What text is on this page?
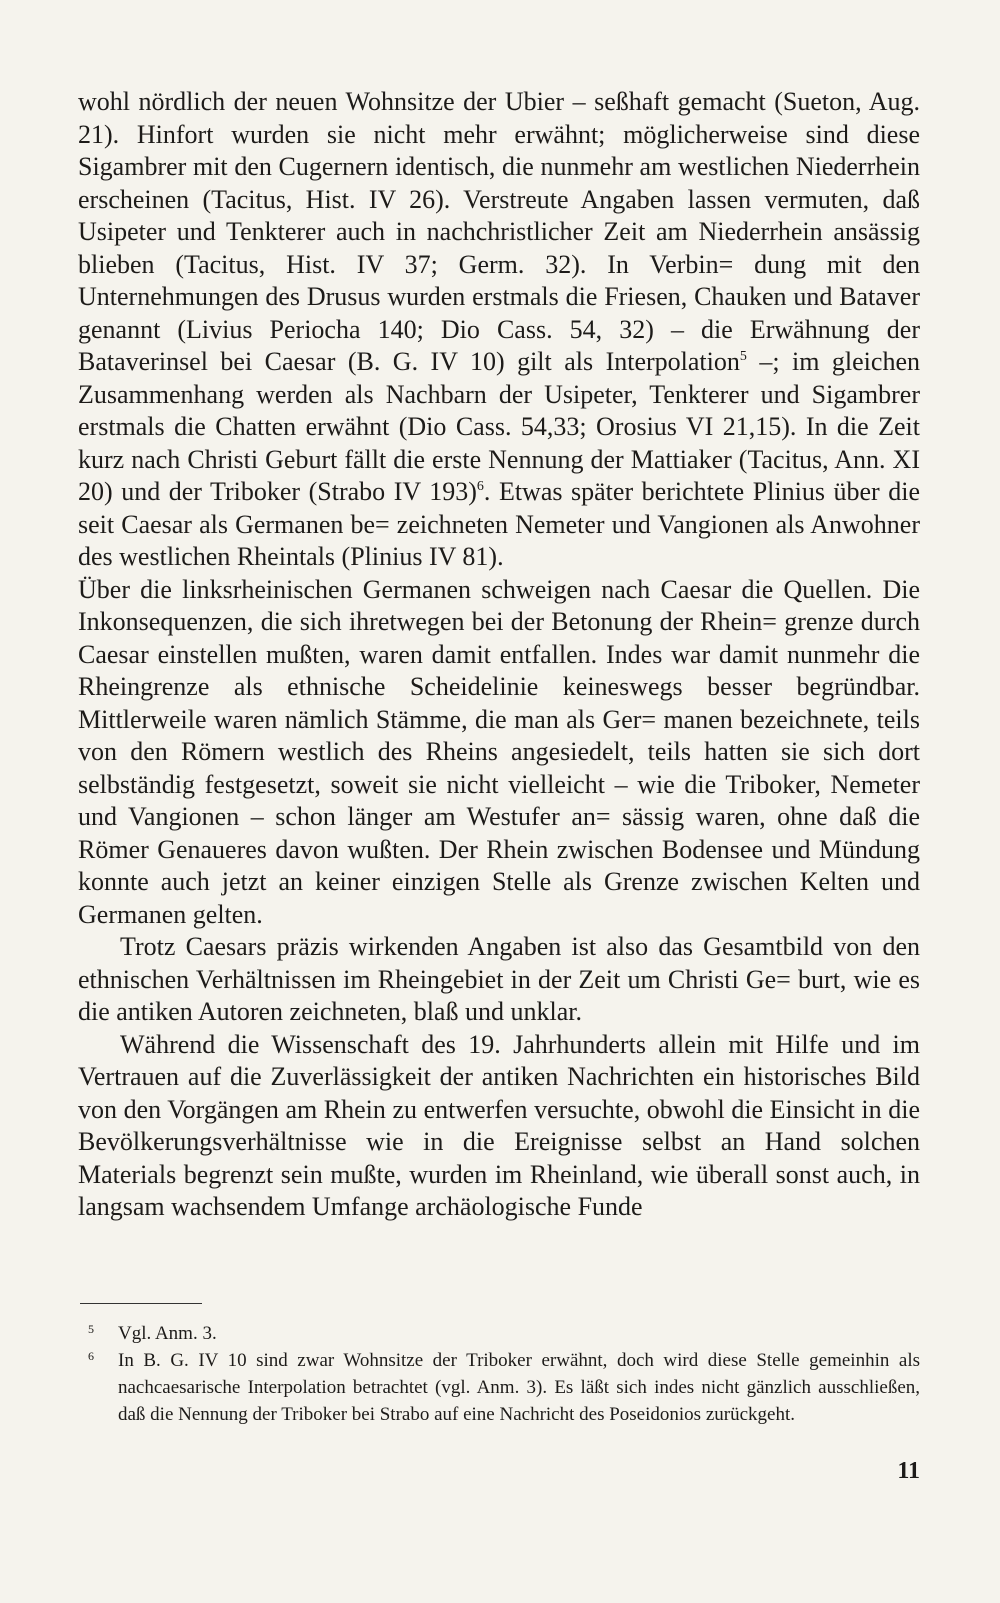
wohl nördlich der neuen Wohnsitze der Ubier – seßhaft gemacht (Sueton, Aug. 21). Hinfort wurden sie nicht mehr erwähnt; möglicherweise sind diese Sigambrer mit den Cugernern identisch, die nunmehr am westlichen Niederrhein erscheinen (Tacitus, Hist. IV 26). Verstreute Angaben lassen vermuten, daß Usipeter und Tenkterer auch in nachchristlicher Zeit am Niederrhein ansässig blieben (Tacitus, Hist. IV 37; Germ. 32). In Verbin= dung mit den Unternehmungen des Drusus wurden erstmals die Friesen, Chauken und Bataver genannt (Livius Periocha 140; Dio Cass. 54, 32) – die Erwähnung der Bataverinsel bei Caesar (B. G. IV 10) gilt als Interpolation$^5$ –; im gleichen Zusammenhang werden als Nachbarn der Usipeter, Tenkterer und Sigambrer erstmals die Chatten erwähnt (Dio Cass. 54,33; Orosius VI 21,15). In die Zeit kurz nach Christi Geburt fällt die erste Nennung der Mattiaker (Tacitus, Ann. XI 20) und der Triboker (Strabo IV 193)$^6$. Etwas später berichtete Plinius über die seit Caesar als Germanen be= zeichneten Nemeter und Vangionen als Anwohner des westlichen Rheintals (Plinius IV 81).

Über die linksrheinischen Germanen schweigen nach Caesar die Quellen. Die Inkonsequenzen, die sich ihretwegen bei der Betonung der Rhein= grenze durch Caesar einstellen mußten, waren damit entfallen. Indes war damit nunmehr die Rheingrenze als ethnische Scheidelinie keineswegs besser begründbar. Mittlerweile waren nämlich Stämme, die man als Ger= manen bezeichnete, teils von den Römern westlich des Rheins angesiedelt, teils hatten sie sich dort selbständig festgesetzt, soweit sie nicht vielleicht – wie die Triboker, Nemeter und Vangionen – schon länger am Westufer an= sässig waren, ohne daß die Römer Genaueres davon wußten. Der Rhein zwischen Bodensee und Mündung konnte auch jetzt an keiner einzigen Stelle als Grenze zwischen Kelten und Germanen gelten.

Trotz Caesars präzis wirkenden Angaben ist also das Gesamtbild von den ethnischen Verhältnissen im Rheingebiet in der Zeit um Christi Ge= burt, wie es die antiken Autoren zeichneten, blaß und unklar.

Während die Wissenschaft des 19. Jahrhunderts allein mit Hilfe und im Vertrauen auf die Zuverlässigkeit der antiken Nachrichten ein historisches Bild von den Vorgängen am Rhein zu entwerfen versuchte, obwohl die Einsicht in die Bevölkerungsverhältnisse wie in die Ereignisse selbst an Hand solchen Materials begrenzt sein mußte, wurden im Rheinland, wie überall sonst auch, in langsam wachsendem Umfange archäologische Funde

$^5$	Vgl. Anm. 3.
$^6$	In B. G. IV 10 sind zwar Wohnsitze der Triboker erwähnt, doch wird diese Stelle gemeinhin als nachcaesarische Interpolation betrachtet (vgl. Anm. 3). Es läßt sich indes nicht gänzlich ausschließen, daß die Nennung der Triboker bei Strabo auf eine Nachricht des Poseidonios zurückgeht.
11
